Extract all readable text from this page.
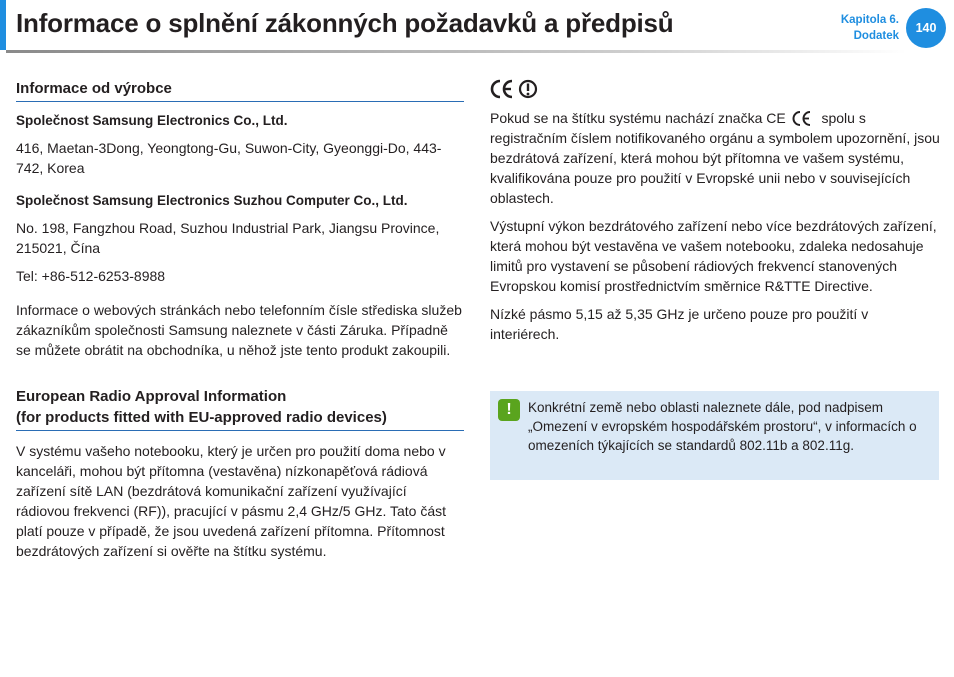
Informace o splnění zákonných požadavků a předpisů	Kapitola 6.
Dodatek
140
Informace od výrobce
Společnost Samsung Electronics Co., Ltd.

416, Maetan-3Dong, Yeongtong-Gu, Suwon-City, Gyeonggi-Do, 443-742, Korea

Společnost Samsung Electronics Suzhou Computer Co., Ltd.

No. 198, Fangzhou Road, Suzhou Industrial Park, Jiangsu Province, 215021, Čína

Tel: +86-512-6253-8988

Informace o webových stránkách nebo telefonním čísle střediska služeb zákazníkům společnosti Samsung naleznete v části Záruka. Případně se můžete obrátit na obchodníka, u něhož jste tento produkt zakoupili.

European Radio Approval Information
(for products fitted with EU-approved radio devices)

V systému vašeho notebooku, který je určen pro použití doma nebo v kanceláři, mohou být přítomna (vestavěna) nízkonapěťová rádiová zařízení sítě LAN (bezdrátová komunikační zařízení využívající rádiovou frekvenci (RF)), pracující v pásmu 2,4 GHz/5 GHz. Tato část platí pouze v případě, že jsou uvedená zařízení přítomna. Přítomnost bezdrátových zařízení si ověřte na štítku systému.

Pokud se na štítku systému nachází značka CE	spolu s registračním číslem notifikovaného orgánu a symbolem upozornění, jsou bezdrátová zařízení, která mohou být přítomna ve vašem systému, kvalifikována pouze pro použití v Evropské unii nebo v souvisejících oblastech.

Výstupní výkon bezdrátového zařízení nebo více bezdrátových zařízení, která mohou být vestavěna ve vašem notebooku, zdaleka nedosahuje limitů pro vystavení se působení rádiových frekvencí stanovených Evropskou komisí prostřednictvím směrnice R&TTE Directive.

Nízké pásmo 5,15 až 5,35 GHz je určeno pouze pro použití v interiérech.

!	Konkrétní země nebo oblasti naleznete dále, pod nadpisem „Omezení v evropském hospodářském prostoru“, v informacích o omezeních týkajících se standardů 802.11b a 802.11g.
